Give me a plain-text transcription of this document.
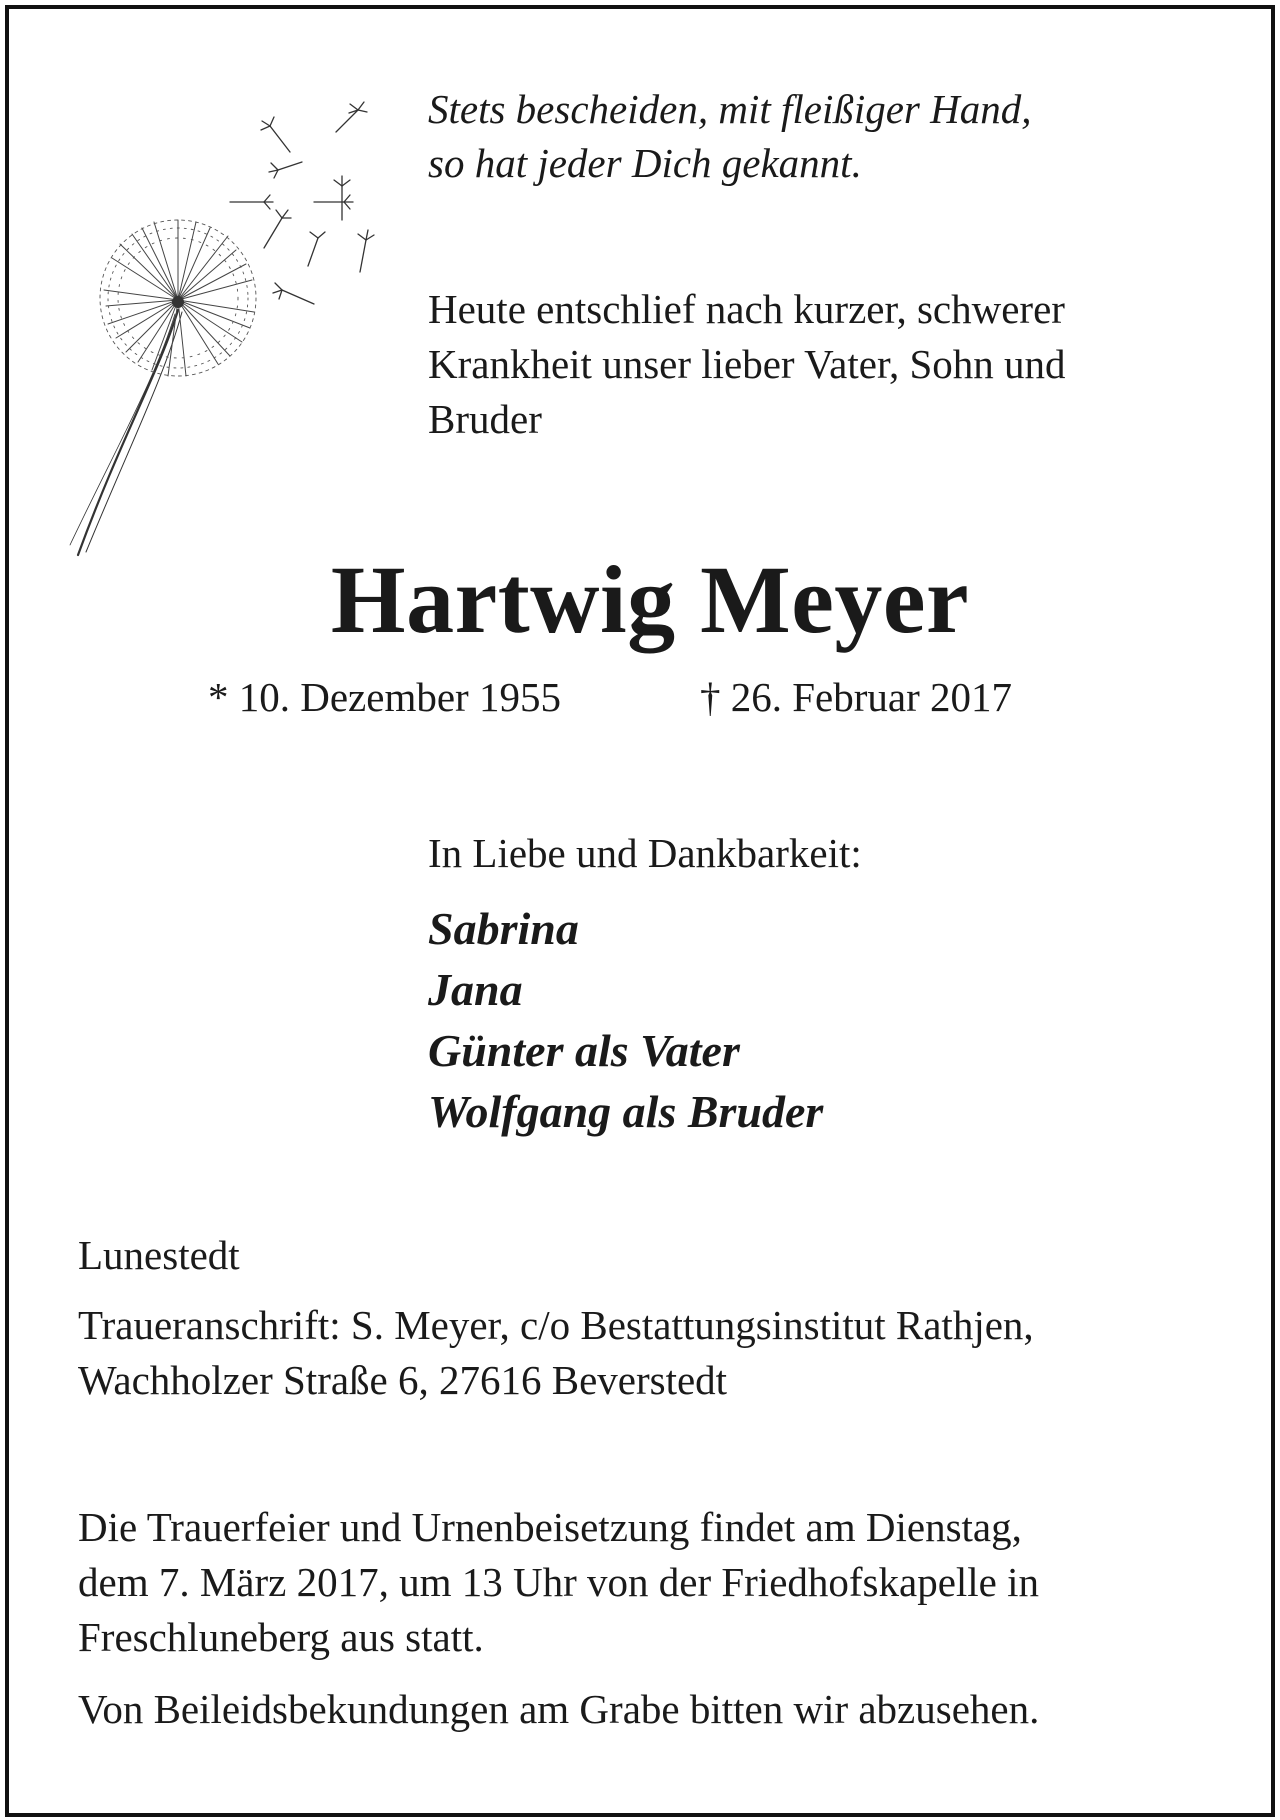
Stets bescheiden, mit fleißiger Hand,
so hat jeder Dich gekannt.
Heute entschlief nach kurzer, schwerer
Krankheit unser lieber Vater, Sohn und
Bruder
Hartwig Meyer
* 10. Dezember 1955	† 26. Februar 2017
In Liebe und Dankbarkeit:
Sabrina
Jana
Günter als Vater
Wolfgang als Bruder
Lunestedt
Traueranschrift: S. Meyer, c/o Bestattungsinstitut Rathjen,
Wachholzer Straße 6, 27616 Beverstedt
Die Trauerfeier und Urnenbeisetzung findet am Dienstag,
dem 7. März 2017, um 13 Uhr von der Friedhofskapelle in
Freschluneberg aus statt.
Von Beileidsbekundungen am Grabe bitten wir abzusehen.
